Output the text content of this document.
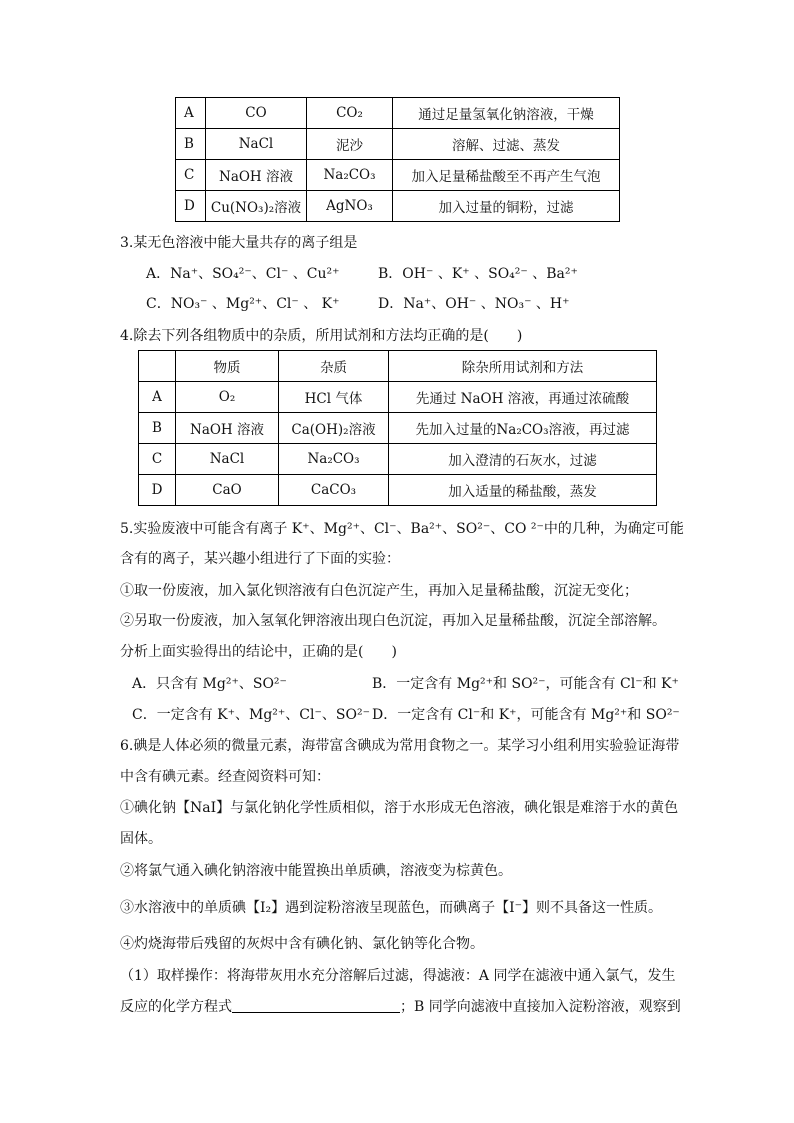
A	CO	CO₂	通过足量氢氧化钠溶液，干燥
B	NaCl	泥沙	溶解、过滤、蒸发
C	NaOH 溶液	Na₂CO₃	加入足量稀盐酸至不再产生气泡
D	Cu(NO₃)₂溶液	AgNO₃	加入过量的铜粉，过滤
3.某无色溶液中能大量共存的离子组是
A．Na⁺、SO₄²⁻、Cl⁻ 、Cu²⁺	B．OH⁻ 、K⁺ 、SO₄²⁻ 、Ba²⁺
C．NO₃⁻ 、Mg²⁺、Cl⁻ 、 K⁺	D．Na⁺、OH⁻ 、NO₃⁻ 、H⁺
4.除去下列各组物质中的杂质，所用试剂和方法均正确的是(　　)
	物质	杂质	除杂所用试剂和方法
A	O₂	HCl 气体	先通过 NaOH 溶液，再通过浓硫酸
B	NaOH 溶液	Ca(OH)₂溶液	先加入过量的Na₂CO₃溶液，再过滤
C	NaCl	Na₂CO₃	加入澄清的石灰水，过滤
D	CaO	CaCO₃	加入适量的稀盐酸，蒸发
5.实验废液中可能含有离子 K⁺、Mg²⁺、Cl⁻、Ba²⁺、SO²⁻、CO ²⁻中的几种，为确定可能
含有的离子，某兴趣小组进行了下面的实验：
①取一份废液，加入氯化钡溶液有白色沉淀产生，再加入足量稀盐酸，沉淀无变化；
②另取一份废液，加入氢氧化钾溶液出现白色沉淀，再加入足量稀盐酸，沉淀全部溶解。
分析上面实验得出的结论中，正确的是(　　)
A．只含有 Mg²⁺、SO²⁻	B．一定含有 Mg²⁺和 SO²⁻，可能含有 Cl⁻和 K⁺
C．一定含有 K⁺、Mg²⁺、Cl⁻、SO²⁻ D．一定含有 Cl⁻和 K⁺，可能含有 Mg²⁺和 SO²⁻
6.碘是人体必须的微量元素，海带富含碘成为常用食物之一。某学习小组利用实验验证海带
中含有碘元素。经查阅资料可知：
①碘化钠【NaI】与氯化钠化学性质相似，溶于水形成无色溶液，碘化银是难溶于水的黄色
固体。
②将氯气通入碘化钠溶液中能置换出单质碘，溶液变为棕黄色。
③水溶液中的单质碘【I₂】遇到淀粉溶液呈现蓝色，而碘离子【I⁻】则不具备这一性质。
④灼烧海带后残留的灰烬中含有碘化钠、氯化钠等化合物。
（1）取样操作：将海带灰用水充分溶解后过滤，得滤液：A 同学在滤液中通入氯气，发生
反应的化学方程式	；B 同学向滤液中直接加入淀粉溶液，观察到
